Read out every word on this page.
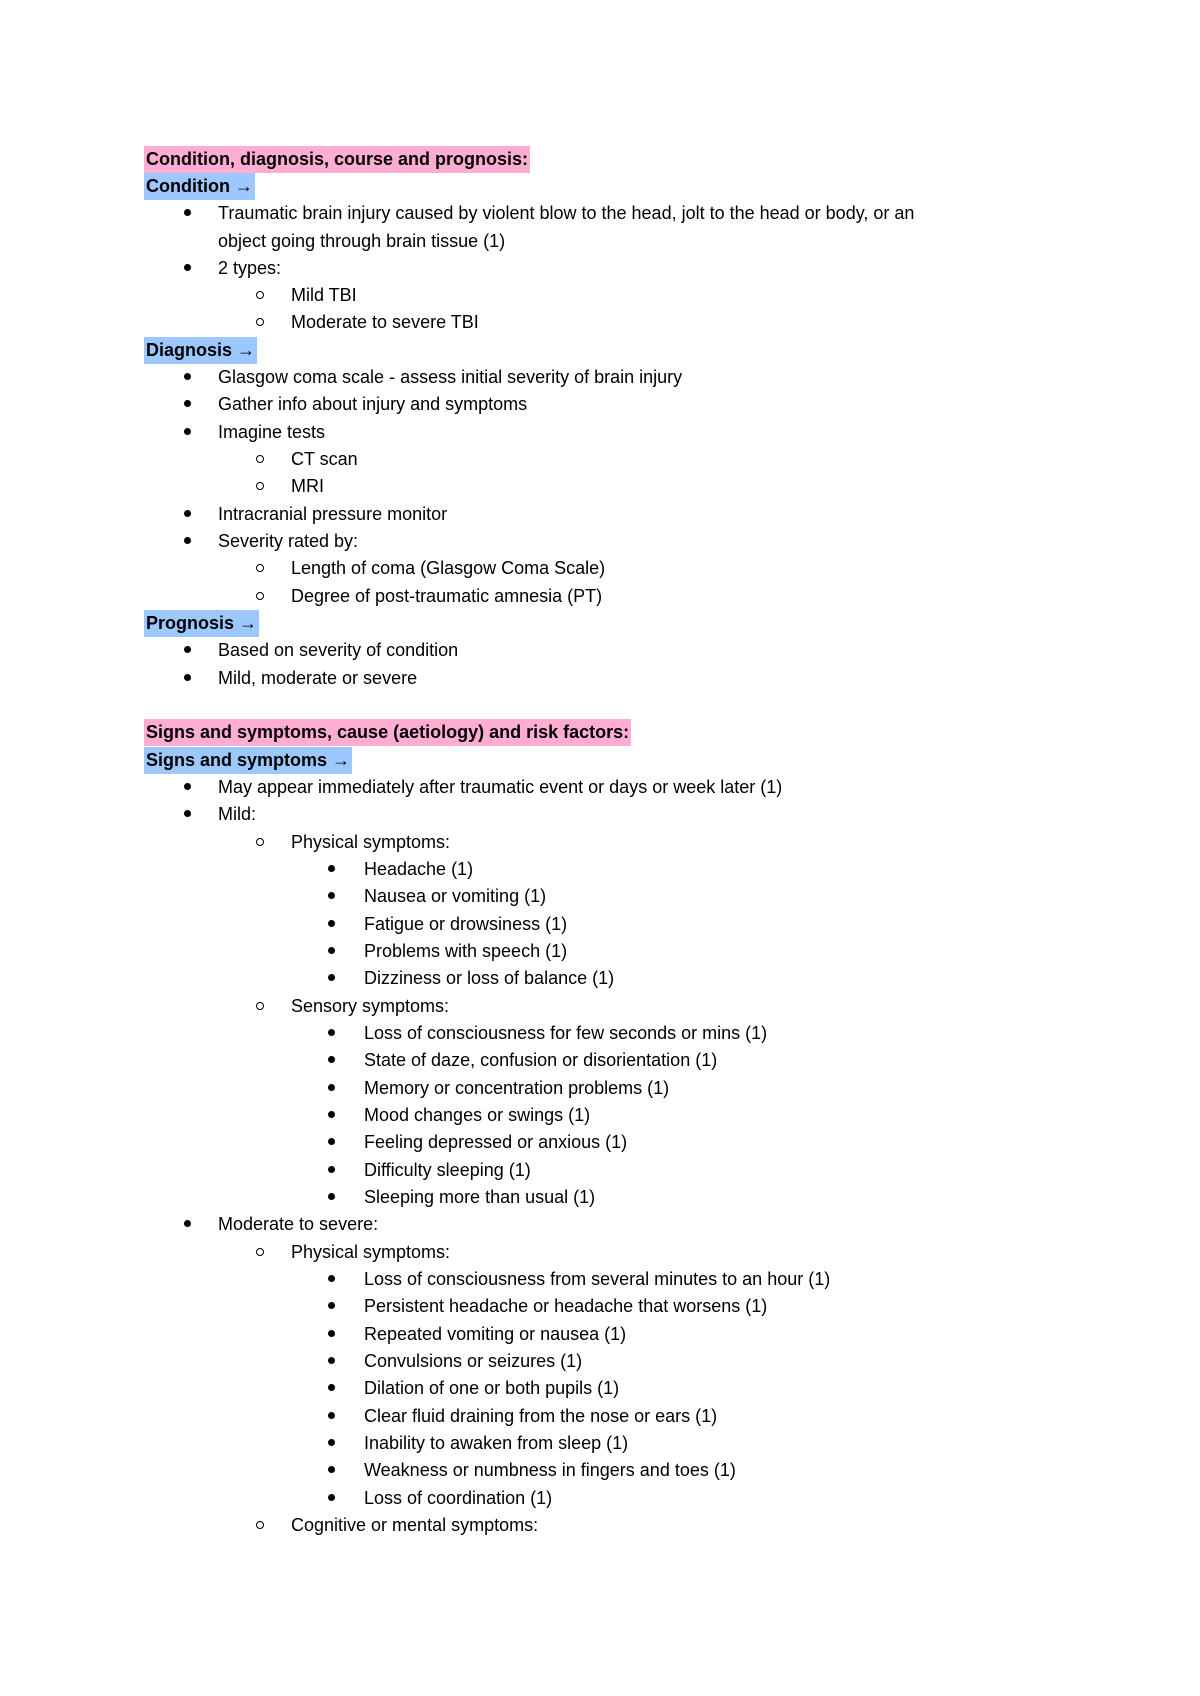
Condition, diagnosis, course and prognosis:
Condition →
Traumatic brain injury caused by violent blow to the head, jolt to the head or body, or an
object going through brain tissue (1)
2 types:
Mild TBI
Moderate to severe TBI
Diagnosis →
Glasgow coma scale - assess initial severity of brain injury
Gather info about injury and symptoms
Imagine tests
CT scan
MRI
Intracranial pressure monitor
Severity rated by:
Length of coma (Glasgow Coma Scale)
Degree of post-traumatic amnesia (PT)
Prognosis →
Based on severity of condition
Mild, moderate or severe
Signs and symptoms, cause (aetiology) and risk factors:
Signs and symptoms →
May appear immediately after traumatic event or days or week later (1)
Mild:
Physical symptoms:
Headache (1)
Nausea or vomiting (1)
Fatigue or drowsiness (1)
Problems with speech (1)
Dizziness or loss of balance (1)
Sensory symptoms:
Loss of consciousness for few seconds or mins (1)
State of daze, confusion or disorientation (1)
Memory or concentration problems (1)
Mood changes or swings (1)
Feeling depressed or anxious (1)
Difficulty sleeping (1)
Sleeping more than usual (1)
Moderate to severe:
Physical symptoms:
Loss of consciousness from several minutes to an hour (1)
Persistent headache or headache that worsens (1)
Repeated vomiting or nausea (1)
Convulsions or seizures (1)
Dilation of one or both pupils (1)
Clear fluid draining from the nose or ears (1)
Inability to awaken from sleep (1)
Weakness or numbness in fingers and toes (1)
Loss of coordination (1)
Cognitive or mental symptoms:
